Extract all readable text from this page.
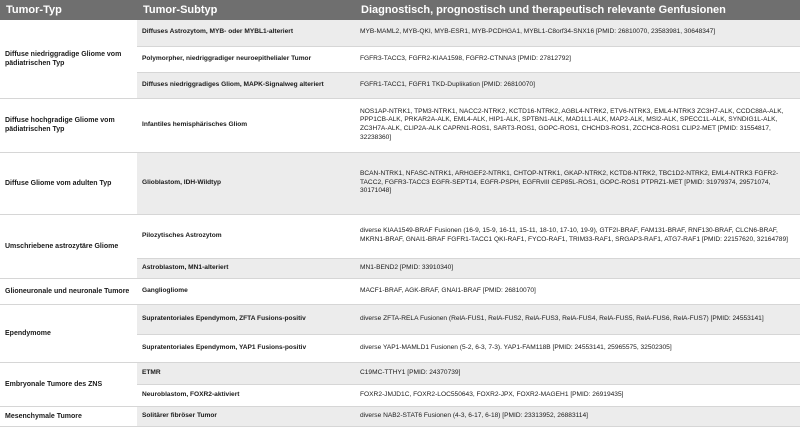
Tumor-Typ	Tumor-Subtyp	Diagnostisch, prognostisch und therapeutisch relevante Genfusionen
Diffuse niedriggradige Gliome vom pädiatrischen Typ	Diffuses Astrozytom, MYB- oder MYBL1-alteriert	MYB-MAML2, MYB-QKI, MYB-ESR1, MYB-PCDHGA1, MYBL1-C8orf34-SNX16 [PMID: 26810070, 23583981, 30648347]
	Polymorpher, niedriggradiger neuroepithelialer Tumor	FGFR3-TACC3, FGFR2-KIAA1598, FGFR2-CTNNA3 [PMID: 27812792]
	Diffuses niedriggradiges Gliom, MAPK-Signalweg alteriert	FGFR1-TACC1, FGFR1 TKD-Duplikation [PMID: 26810070]
Diffuse hochgradige Gliome vom pädiatrischen Typ	Infantiles hemisphärisches Gliom	NOS1AP-NTRK1, TPM3-NTRK1, NACC2-NTRK2, KCTD16-NTRK2, AGBL4-NTRK2, ETV6-NTRK3, EML4-NTRK3 ZC3H7-ALK, CCDC88A-ALK, PPP1CB-ALK, PRKAR2A-ALK, EML4-ALK, HIP1-ALK, SPTBN1-ALK, MAD1L1-ALK, MAP2-ALK, MSI2-ALK, SPECC1L-ALK, SYNDIG1L-ALK, ZC3H7A-ALK, CLIP2A-ALK CAPRN1-ROS1, SART3-ROS1, GOPC-ROS1, CHCHD3-ROS1, ZCCHC8-ROS1 CLIP2-MET [PMID: 31554817, 32238360]
Diffuse Gliome vom adulten Typ	Glioblastom, IDH-Wildtyp	BCAN-NTRK1, NFASC-NTRK1, ARHGEF2-NTRK1, CHTOP-NTRK1, GKAP-NTRK2, KCTD8-NTRK2, TBC1D2-NTRK2, EML4-NTRK3 FGFR2-TACC2, FGFR3-TACC3 EGFR-SEPT14, EGFR-PSPH, EGFRvIII CEP85L-ROS1, GOPC-ROS1 PTPRZ1-MET [PMID: 31979374, 29571074, 30171048]
Umschriebene astrozytäre Gliome	Pilozytisches Astrozytom	diverse KIAA1549-BRAF Fusionen (16-9, 15-9, 16-11, 15-11, 18-10, 17-10, 19-9), GTF2I-BRAF, FAM131-BRAF, RNF130-BRAF, CLCN6-BRAF, MKRN1-BRAF, GNAI1-BRAF FGFR1-TACC1 QKI-RAF1, FYCO-RAF1, TRIM33-RAF1, SRGAP3-RAF1, ATG7-RAF1 [PMID: 22157620, 32164789]
	Astroblastom, MN1-alteriert	MN1-BEND2 [PMID: 33910340]
Glioneuronale und neuronale Tumore	Gangliogliome	MACF1-BRAF, AGK-BRAF, GNAI1-BRAF [PMID: 26810070]
Ependymome	Supratentoriales Ependymom, ZFTA Fusions-positiv	diverse ZFTA-RELA Fusionen (RelA-FUS1, RelA-FUS2, RelA-FUS3, RelA-FUS4, RelA-FUS5, RelA-FUS6, RelA-FUS7) [PMID: 24553141]
	Supratentoriales Ependymom, YAP1 Fusions-positiv	diverse YAP1-MAMLD1 Fusionen (5-2, 6-3, 7-3). YAP1-FAM118B [PMID: 24553141, 25965575, 32502305]
Embryonale Tumore des ZNS	ETMR	C19MC-TTHY1 [PMID: 24370739]
	Neuroblastom, FOXR2-aktiviert	FOXR2-JMJD1C, FOXR2-LOC550643, FOXR2-JPX, FOXR2-MAGEH1 [PMID: 26919435]
Mesenchymale Tumore	Solitärer fibröser Tumor	diverse NAB2-STAT6 Fusionen (4-3, 6-17, 6-18) [PMID: 23313952, 26883114]
